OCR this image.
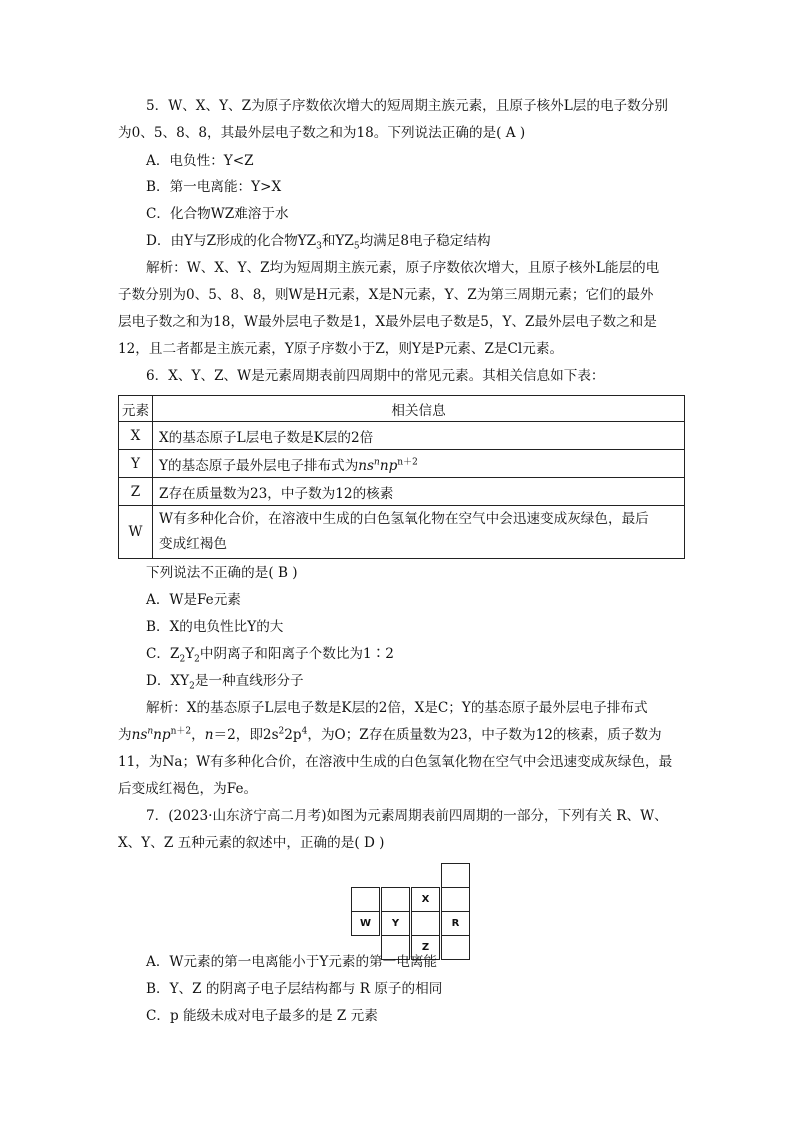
5．W、X、Y、Z为原子序数依次增大的短周期主族元素，且原子核外L层的电子数分别
为0、5、8、8，其最外层电子数之和为18。下列说法正确的是( A )
A．电负性：Y<Z
B．第一电离能：Y>X
C．化合物WZ难溶于水
D．由Y与Z形成的化合物$YZ_3$和$YZ_5$均满足8电子稳定结构
解析：W、X、Y、Z均为短周期主族元素，原子序数依次增大，且原子核外L能层的电
子数分别为0、5、8、8，则W是H元素，X是N元素，Y、Z为第三周期元素；它们的最外
层电子数之和为18，W最外层电子数是1，X最外层电子数是5，Y、Z最外层电子数之和是
12，且二者都是主族元素，Y原子序数小于Z，则Y是P元素、Z是Cl元素。
6．X、Y、Z、W是元素周期表前四周期中的常见元素。其相关信息如下表：
元素	相关信息
X	X的基态原子L层电子数是K层的2倍
Y	Y的基态原子最外层电子排布式为$ns^nnp^{n+2}$
Z	Z存在质量数为23，中子数为12的核素
W	W有多种化合价，在溶液中生成的白色氢氧化物在空气中会迅速变成灰绿色，最后
变成红褐色
下列说法不正确的是( B )
A．W是Fe元素
B．X的电负性比Y的大
C．$Z_2Y_2$中阴离子和阳离子个数比为1∶2
D．$XY_2$是一种直线形分子
解析：X的基态原子L层电子数是K层的2倍，X是C；Y的基态原子最外层电子排布式
为$ns^nnp^{n+2}$，n＝2，即$2s^22p^4$，为O；Z存在质量数为23，中子数为12的核素，质子数为
11，为Na；W有多种化合价，在溶液中生成的白色氢氧化物在空气中会迅速变成灰绿色，最
后变成红褐色，为Fe。
7．(2023·山东济宁高二月考)如图为元素周期表前四周期的一部分，下列有关 R、W、
X、Y、Z 五种元素的叙述中，正确的是( D )
X
W	Y	R
Z
A．W元素的第一电离能小于Y元素的第一电离能
B．Y、Z 的阴离子电子层结构都与 R 原子的相同
C．p 能级未成对电子最多的是 Z 元素
